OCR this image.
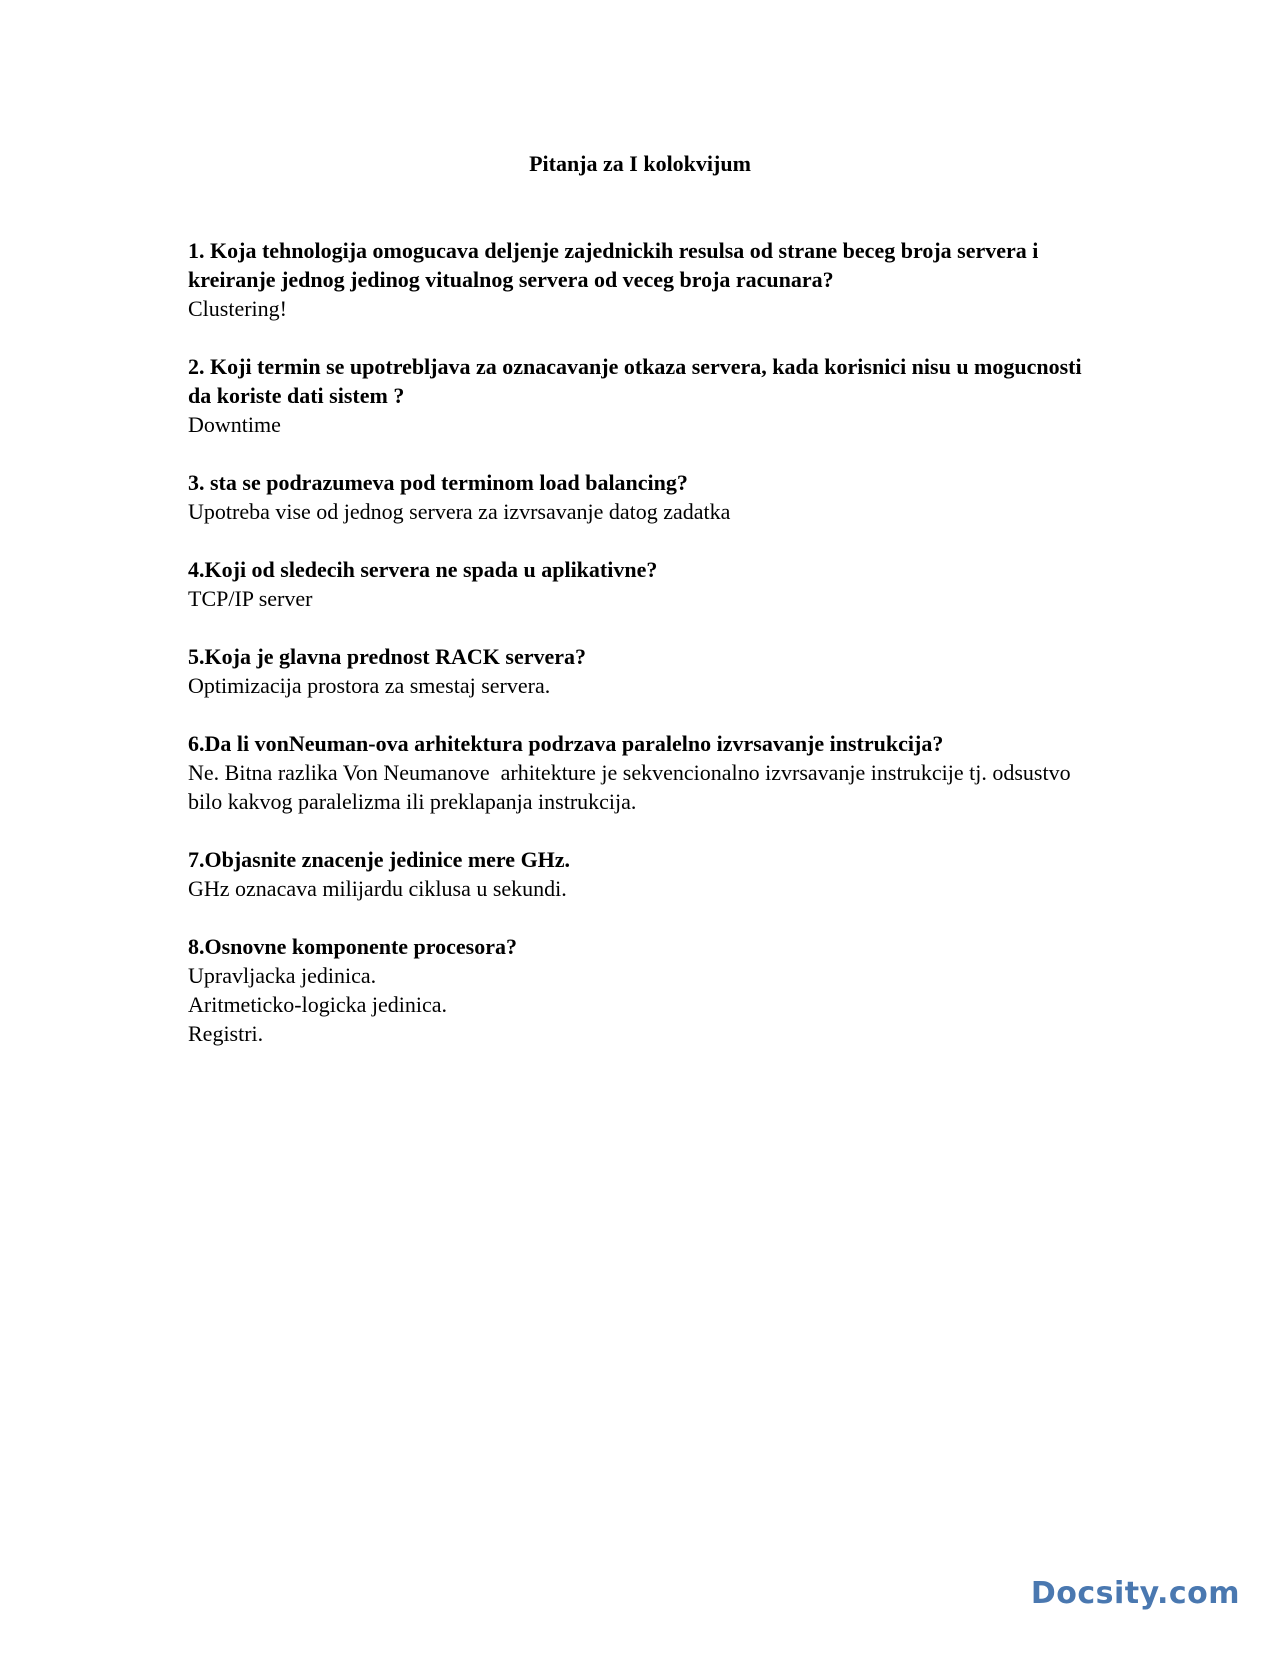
Pitanja za I kolokvijum

1. Koja tehnologija omogucava deljenje zajednickih resulsa od strane beceg broja servera i kreiranje jednog jedinog vitualnog servera od veceg broja racunara?

Clustering!

2. Koji termin se upotrebljava za oznacavanje otkaza servera, kada korisnici nisu u mogucnosti da koriste dati sistem ?

Downtime

3. sta se podrazumeva pod terminom load balancing?

Upotreba vise od jednog servera za izvrsavanje datog zadatka

4.Koji od sledecih servera ne spada u aplikativne?

TCP/IP server

5.Koja je glavna prednost RACK servera?

Optimizacija prostora za smestaj servera.

6.Da li vonNeuman-ova arhitektura podrzava paralelno izvrsavanje instrukcija?

Ne. Bitna razlika Von Neumanove  arhitekture je sekvencionalno izvrsavanje instrukcije tj. odsustvo bilo kakvog paralelizma ili preklapanja instrukcija.

7.Objasnite znacenje jedinice mere GHz.

GHz oznacava milijardu ciklusa u sekundi.

8.Osnovne komponente procesora?

Upravljacka jedinica.

Aritmeticko-logicka jedinica.

Registri.

Docsity.com
